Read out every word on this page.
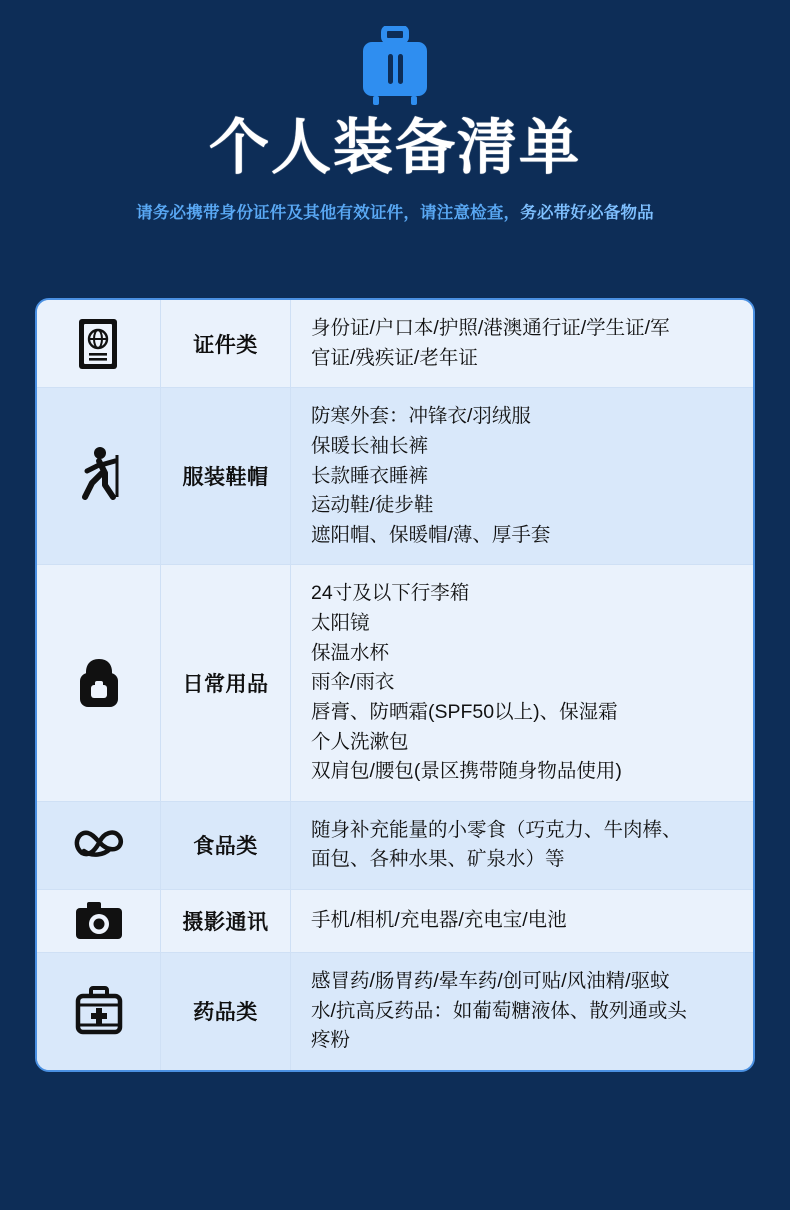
个人装备清单

请务必携带身份证件及其他有效证件，请注意检查，务必带好必备物品

证件类
身份证/户口本/护照/港澳通行证/学生证/军
官证/残疾证/老年证
服装鞋帽
防寒外套：冲锋衣/羽绒服
保暖长袖长裤
长款睡衣睡裤
运动鞋/徒步鞋
遮阳帽、保暖帽/薄、厚手套
日常用品
24寸及以下行李箱
太阳镜
保温水杯
雨伞/雨衣
唇膏、防晒霜(SPF50以上)、保湿霜
个人洗漱包
双肩包/腰包(景区携带随身物品使用)
食品类
随身补充能量的小零食（巧克力、牛肉棒、
面包、各种水果、矿泉水）等
摄影通讯	手机/相机/充电器/充电宝/电池
药品类
感冒药/肠胃药/晕车药/创可贴/风油精/驱蚊
水/抗高反药品：如葡萄糖液体、散列通或头
疼粉
